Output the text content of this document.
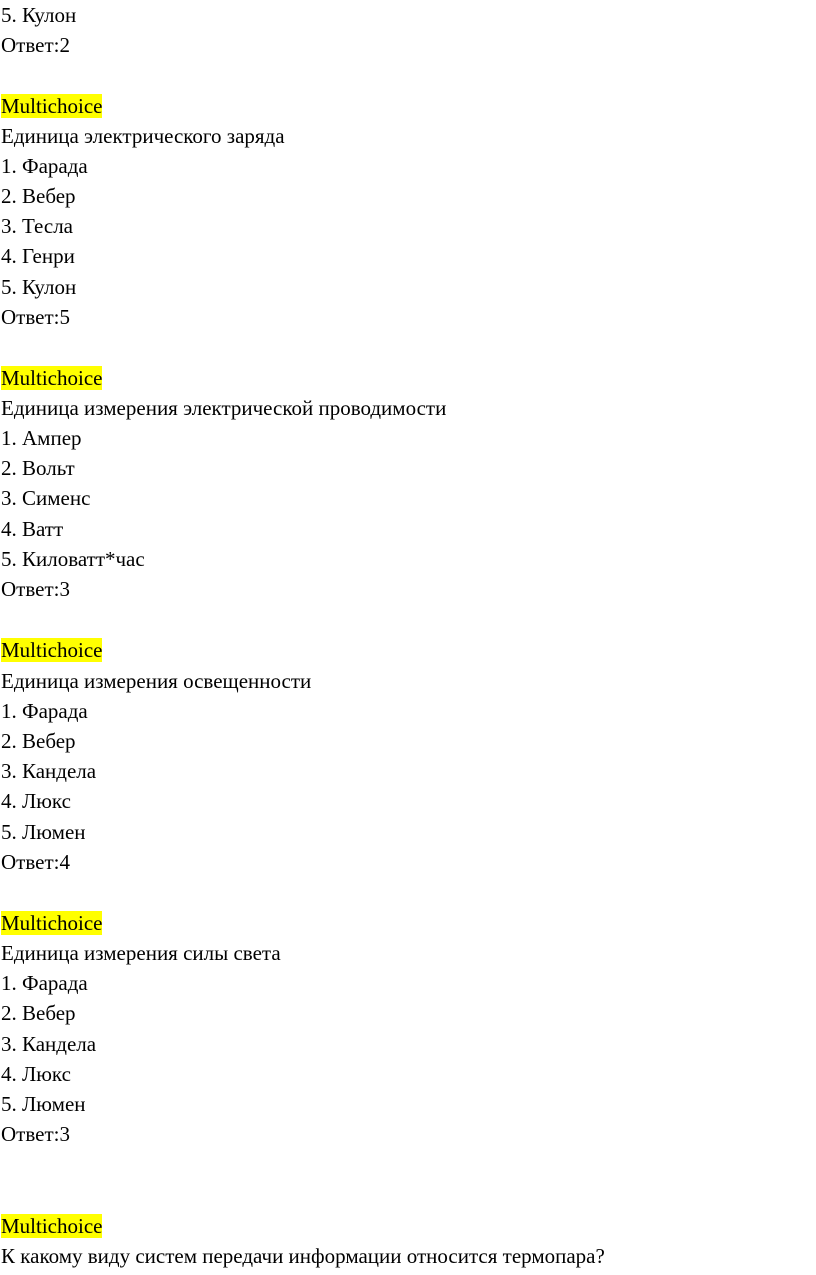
5. Кулон
Ответ:2
Multichoice
Единица электрического заряда
1. Фарада
2. Вебер
3. Тесла
4. Генри
5. Кулон
Ответ:5
Multichoice
Единица измерения электрической проводимости
1. Ампер
2. Вольт
3. Сименс
4. Ватт
5. Киловатт*час
Ответ:3
Multichoice
Единица измерения освещенности
1. Фарада
2. Вебер
3. Кандела
4. Люкс
5. Люмен
Ответ:4
Multichoice
Единица измерения силы света
1. Фарада
2. Вебер
3. Кандела
4. Люкс
5. Люмен
Ответ:3
Multichoice
К какому виду систем передачи информации относится термопара?
